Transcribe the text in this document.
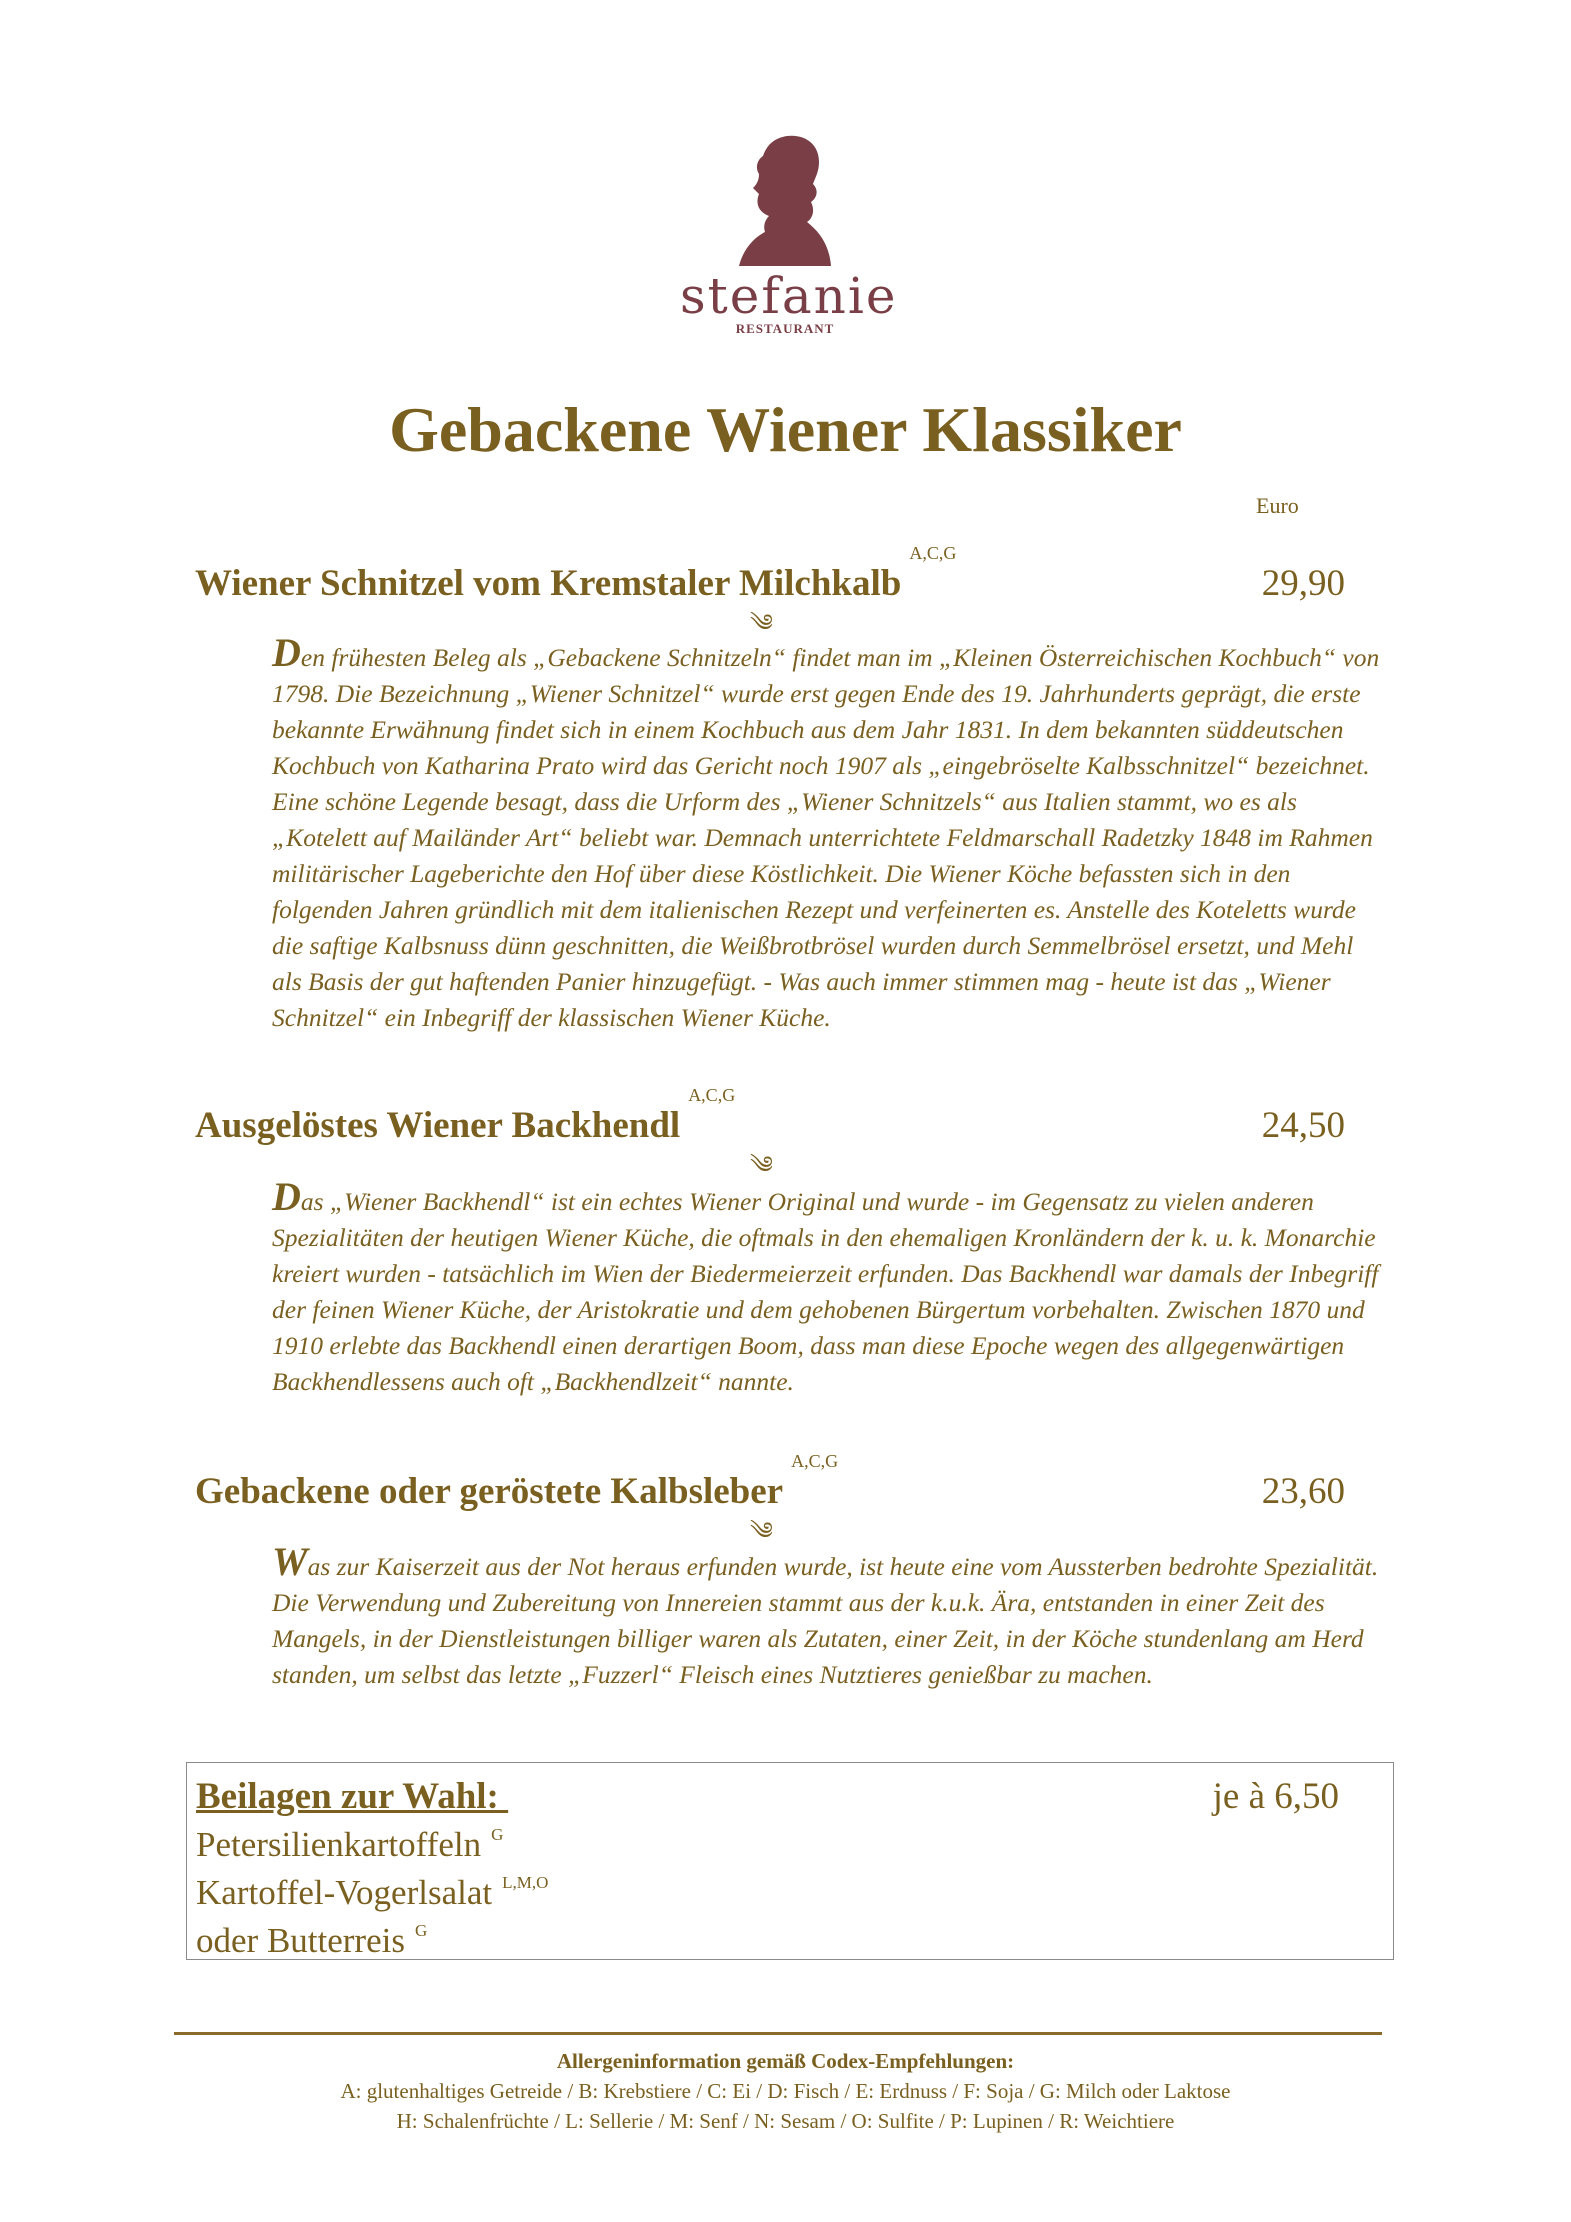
stefanie
RESTAURANT
Gebackene Wiener Klassiker
Euro
Wiener Schnitzel vom Kremstaler MilchkalbA,C,G
29,90
༄

Den frühesten Beleg als „Gebackene Schnitzeln“ findet man im „Kleinen Österreichischen Kochbuch“ von 1798. Die Bezeichnung „Wiener Schnitzel“ wurde erst gegen Ende des 19. Jahrhunderts geprägt, die erste bekannte Erwähnung findet sich in einem Kochbuch aus dem Jahr 1831. In dem bekannten süddeutschen Kochbuch von Katharina Prato wird das Gericht noch 1907 als „eingebröselte Kalbsschnitzel“ bezeichnet.

Eine schöne Legende besagt, dass die Urform des „Wiener Schnitzels“ aus Italien stammt, wo es als „Kotelett auf Mailänder Art“ beliebt war. Demnach unterrichtete Feldmarschall Radetzky 1848 im Rahmen militärischer Lageberichte den Hof über diese Köstlichkeit. Die Wiener Köche befassten sich in den folgenden Jahren gründlich mit dem italienischen Rezept und verfeinerten es. Anstelle des Koteletts wurde die saftige Kalbsnuss dünn geschnitten, die Weißbrotbrösel wurden durch Semmelbrösel ersetzt, und Mehl als Basis der gut haftenden Panier hinzugefügt. - Was auch immer stimmen mag - heute ist das „Wiener Schnitzel“ ein Inbegriff der klassischen Wiener Küche.

Ausgelöstes Wiener BackhendlA,C,G
24,50
༄

Das „Wiener Backhendl“ ist ein echtes Wiener Original und wurde - im Gegensatz zu vielen anderen Spezialitäten der heutigen Wiener Küche, die oftmals in den ehemaligen Kronländern der k. u. k. Monarchie kreiert wurden - tatsächlich im Wien der Biedermeierzeit erfunden. Das Backhendl war damals der Inbegriff der feinen Wiener Küche, der Aristokratie und dem gehobenen Bürgertum vorbehalten. Zwischen 1870 und 1910 erlebte das Backhendl einen derartigen Boom, dass man diese Epoche wegen des allgegenwärtigen Backhendlessens auch oft „Backhendlzeit“ nannte.

Gebackene oder geröstete KalbsleberA,C,G
23,60
༄

Was zur Kaiserzeit aus der Not heraus erfunden wurde, ist heute eine vom Aussterben bedrohte Spezialität. Die Verwendung und Zubereitung von Innereien stammt aus der k.u.k. Ära, entstanden in einer Zeit des Mangels, in der Dienstleistungen billiger waren als Zutaten, einer Zeit, in der Köche stundenlang am Herd standen, um selbst das letzte „Fuzzerl“ Fleisch eines Nutztieres genießbar zu machen.

Beilagen zur Wahl:	je à 6,50
Petersilienkartoffeln $^G$
Kartoffel-Vogerlsalat $^{L,M,O}$
oder Butterreis $^G$
Allergeninformation gemäß Codex-Empfehlungen:
A: glutenhaltiges Getreide / B: Krebstiere / C: Ei / D: Fisch / E: Erdnuss / F: Soja / G: Milch oder Laktose
H: Schalenfrüchte / L: Sellerie / M: Senf / N: Sesam / O: Sulfite / P: Lupinen / R: Weichtiere
